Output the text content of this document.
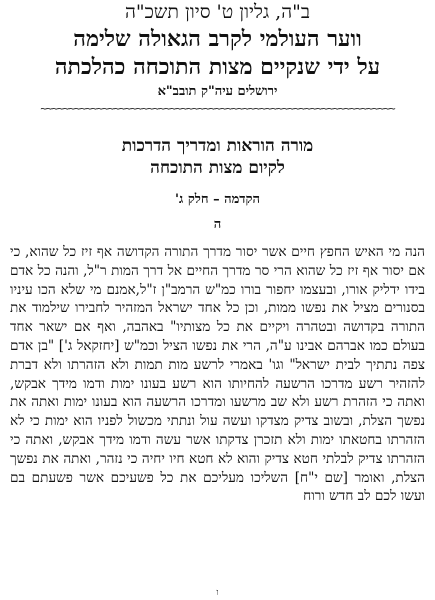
ב"ה, גליון ט' סיון תשכ"ה
ווער העולמי לקרב הגאולה שלימה
על ידי שנקיים מצות התוכחה כהלכתה
ירושלים עיה"ק תובב"א
~~~~~~~~~~~~~~~~~~~~~~~~~~~~~~~~~~~~~~~~~~~~~~~~~~~~~~~~~~~~~~~
מורה הוראות ומדריך הדרכות
לקיום מצות התוכחה
הקדמה – חלק ג'
ה

הנה מי האיש החפץ חיים אשר יסור מדרך התורה הקדושה אף זיז כל שהוא, כי אם יסור אף זיז כל שהוא הרי סר מדרך החיים אל דרך המות ר"ל, והנה כל אדם בידו ידליק אורו, ובעצמו יחפור בורו כמ"ש הרמב"ן ז"ל,אמנם מי שלא הכו עיניו בסנורים מציל את נפשו ממות, וכן כל אחד ישראל המזהיר לחבירו שילמוד את התורה בקדושה ובטהרה ויקיים את כל מצותיו" באהבה, ואף אם ישאר אחד בעולם כמו אברהם אבינו ע"ה, הרי את נפשו הציל וכמ"ש [יחזקאל ג'] "בן אדם צפה נתתיך לבית ישראל" וגו' באמרי לרשע מות תמות ולא הזהרתו ולא דברת להזהיר רשע מדרכו הרשעה להחיותו הוא רשע בעונו ימות ודמו מידך אבקש, ואתה כי הזהרת רשע ולא שב מרשעו ומדרכו הרשעה הוא בעונו ימות ואתה את נפשך הצלת, ובשוב צדיק מצדקו ועשה עול ונתתי מכשול לפניו הוא ימות כי לא הזהרתו בחטאתו ימות ולא תזכרן צדקתו אשר עשה ודמו מידך אבקש, ואתה כי הזהרתו צדיק לבלתי חטא צדיק והוא לא חטא חיו יחיה כי נזהר, ואתה את נפשך הצלת, ואומר [שם י"ח] השליכו מעליכם את כל פשעיכם אשר פשעתם בם ועשו לכם לב חדש ורוח

ו
